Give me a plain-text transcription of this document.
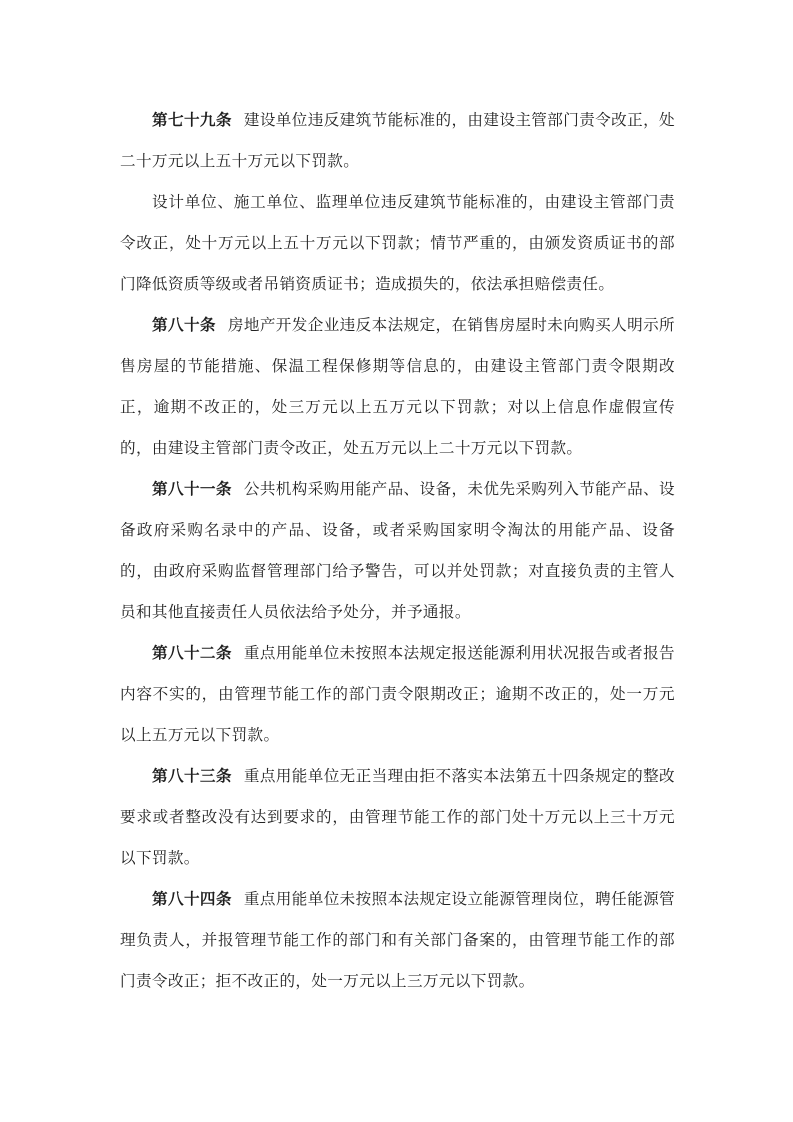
第七十九条 建设单位违反建筑节能标准的，由建设主管部门责令改正，处二十万元以上五十万元以下罚款。

设计单位、施工单位、监理单位违反建筑节能标准的，由建设主管部门责令改正，处十万元以上五十万元以下罚款；情节严重的，由颁发资质证书的部门降低资质等级或者吊销资质证书；造成损失的，依法承担赔偿责任。

第八十条 房地产开发企业违反本法规定，在销售房屋时未向购买人明示所售房屋的节能措施、保温工程保修期等信息的，由建设主管部门责令限期改正，逾期不改正的，处三万元以上五万元以下罚款；对以上信息作虚假宣传的，由建设主管部门责令改正，处五万元以上二十万元以下罚款。

第八十一条 公共机构采购用能产品、设备，未优先采购列入节能产品、设备政府采购名录中的产品、设备，或者采购国家明令淘汰的用能产品、设备的，由政府采购监督管理部门给予警告，可以并处罚款；对直接负责的主管人员和其他直接责任人员依法给予处分，并予通报。

第八十二条 重点用能单位未按照本法规定报送能源利用状况报告或者报告内容不实的，由管理节能工作的部门责令限期改正；逾期不改正的，处一万元以上五万元以下罚款。

第八十三条 重点用能单位无正当理由拒不落实本法第五十四条规定的整改要求或者整改没有达到要求的，由管理节能工作的部门处十万元以上三十万元以下罚款。

第八十四条 重点用能单位未按照本法规定设立能源管理岗位，聘任能源管理负责人，并报管理节能工作的部门和有关部门备案的，由管理节能工作的部门责令改正；拒不改正的，处一万元以上三万元以下罚款。
